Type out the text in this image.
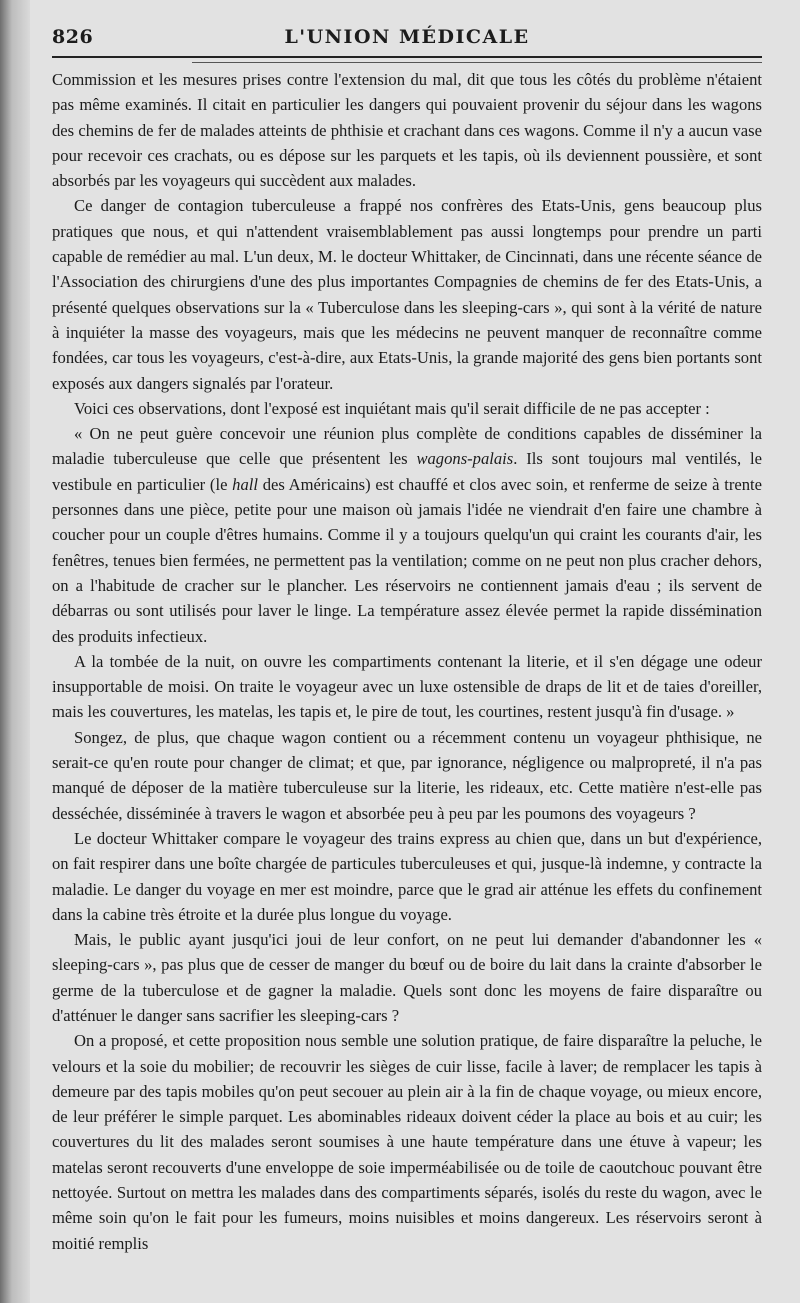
826	L'UNION MÉDICALE

Commission et les mesures prises contre l'extension du mal, dit que tous les côtés du problème n'étaient pas même examinés. Il citait en particulier les dangers qui pouvaient provenir du séjour dans les wagons des chemins de fer de malades atteints de phthisie et crachant dans ces wagons. Comme il n'y a aucun vase pour recevoir ces crachats, ou es dépose sur les parquets et les tapis, où ils deviennent poussière, et sont absorbés par les voyageurs qui succèdent aux malades.

Ce danger de contagion tuberculeuse a frappé nos confrères des Etats-Unis, gens beaucoup plus pratiques que nous, et qui n'attendent vraisemblablement pas aussi longtemps pour prendre un parti capable de remédier au mal. L'un deux, M. le docteur Whittaker, de Cincinnati, dans une récente séance de l'Association des chirurgiens d'une des plus importantes Compagnies de chemins de fer des Etats-Unis, a présenté quelques observations sur la « Tuberculose dans les sleeping-cars », qui sont à la vérité de nature à inquiéter la masse des voyageurs, mais que les médecins ne peuvent manquer de reconnaître comme fondées, car tous les voyageurs, c'est-à-dire, aux Etats-Unis, la grande majorité des gens bien portants sont exposés aux dangers signalés par l'orateur.

Voici ces observations, dont l'exposé est inquiétant mais qu'il serait difficile de ne pas accepter :

« On ne peut guère concevoir une réunion plus complète de conditions capables de disséminer la maladie tuberculeuse que celle que présentent les wagons-palais. Ils sont toujours mal ventilés, le vestibule en particulier (le hall des Américains) est chauffé et clos avec soin, et renferme de seize à trente personnes dans une pièce, petite pour une maison où jamais l'idée ne viendrait d'en faire une chambre à coucher pour un couple d'êtres humains. Comme il y a toujours quelqu'un qui craint les courants d'air, les fenêtres, tenues bien fermées, ne permettent pas la ventilation; comme on ne peut non plus cracher dehors, on a l'habitude de cracher sur le plancher. Les réservoirs ne contiennent jamais d'eau ; ils servent de débarras ou sont utilisés pour laver le linge. La température assez élevée permet la rapide dissémination des produits infectieux.

A la tombée de la nuit, on ouvre les compartiments contenant la literie, et il s'en dégage une odeur insupportable de moisi. On traite le voyageur avec un luxe ostensible de draps de lit et de taies d'oreiller, mais les couvertures, les matelas, les tapis et, le pire de tout, les courtines, restent jusqu'à fin d'usage. »

Songez, de plus, que chaque wagon contient ou a récemment contenu un voyageur phthisique, ne serait-ce qu'en route pour changer de climat; et que, par ignorance, négligence ou malpropreté, il n'a pas manqué de déposer de la matière tuberculeuse sur la literie, les rideaux, etc. Cette matière n'est-elle pas desséchée, disséminée à travers le wagon et absorbée peu à peu par les poumons des voyageurs ?

Le docteur Whittaker compare le voyageur des trains express au chien que, dans un but d'expérience, on fait respirer dans une boîte chargée de particules tuberculeuses et qui, jusque-là indemne, y contracte la maladie. Le danger du voyage en mer est moindre, parce que le grad air atténue les effets du confinement dans la cabine très étroite et la durée plus longue du voyage.

Mais, le public ayant jusqu'ici joui de leur confort, on ne peut lui demander d'abandonner les « sleeping-cars », pas plus que de cesser de manger du bœuf ou de boire du lait dans la crainte d'absorber le germe de la tuberculose et de gagner la maladie. Quels sont donc les moyens de faire disparaître ou d'atténuer le danger sans sacrifier les sleeping-cars ?

On a proposé, et cette proposition nous semble une solution pratique, de faire disparaître la peluche, le velours et la soie du mobilier; de recouvrir les sièges de cuir lisse, facile à laver; de remplacer les tapis à demeure par des tapis mobiles qu'on peut secouer au plein air à la fin de chaque voyage, ou mieux encore, de leur préférer le simple parquet. Les abominables rideaux doivent céder la place au bois et au cuir; les couvertures du lit des malades seront soumises à une haute température dans une étuve à vapeur; les matelas seront recouverts d'une enveloppe de soie imperméabilisée ou de toile de caoutchouc pouvant être nettoyée. Surtout on mettra les malades dans des compartiments séparés, isolés du reste du wagon, avec le même soin qu'on le fait pour les fumeurs, moins nuisibles et moins dangereux. Les réservoirs seront à moitié remplis
